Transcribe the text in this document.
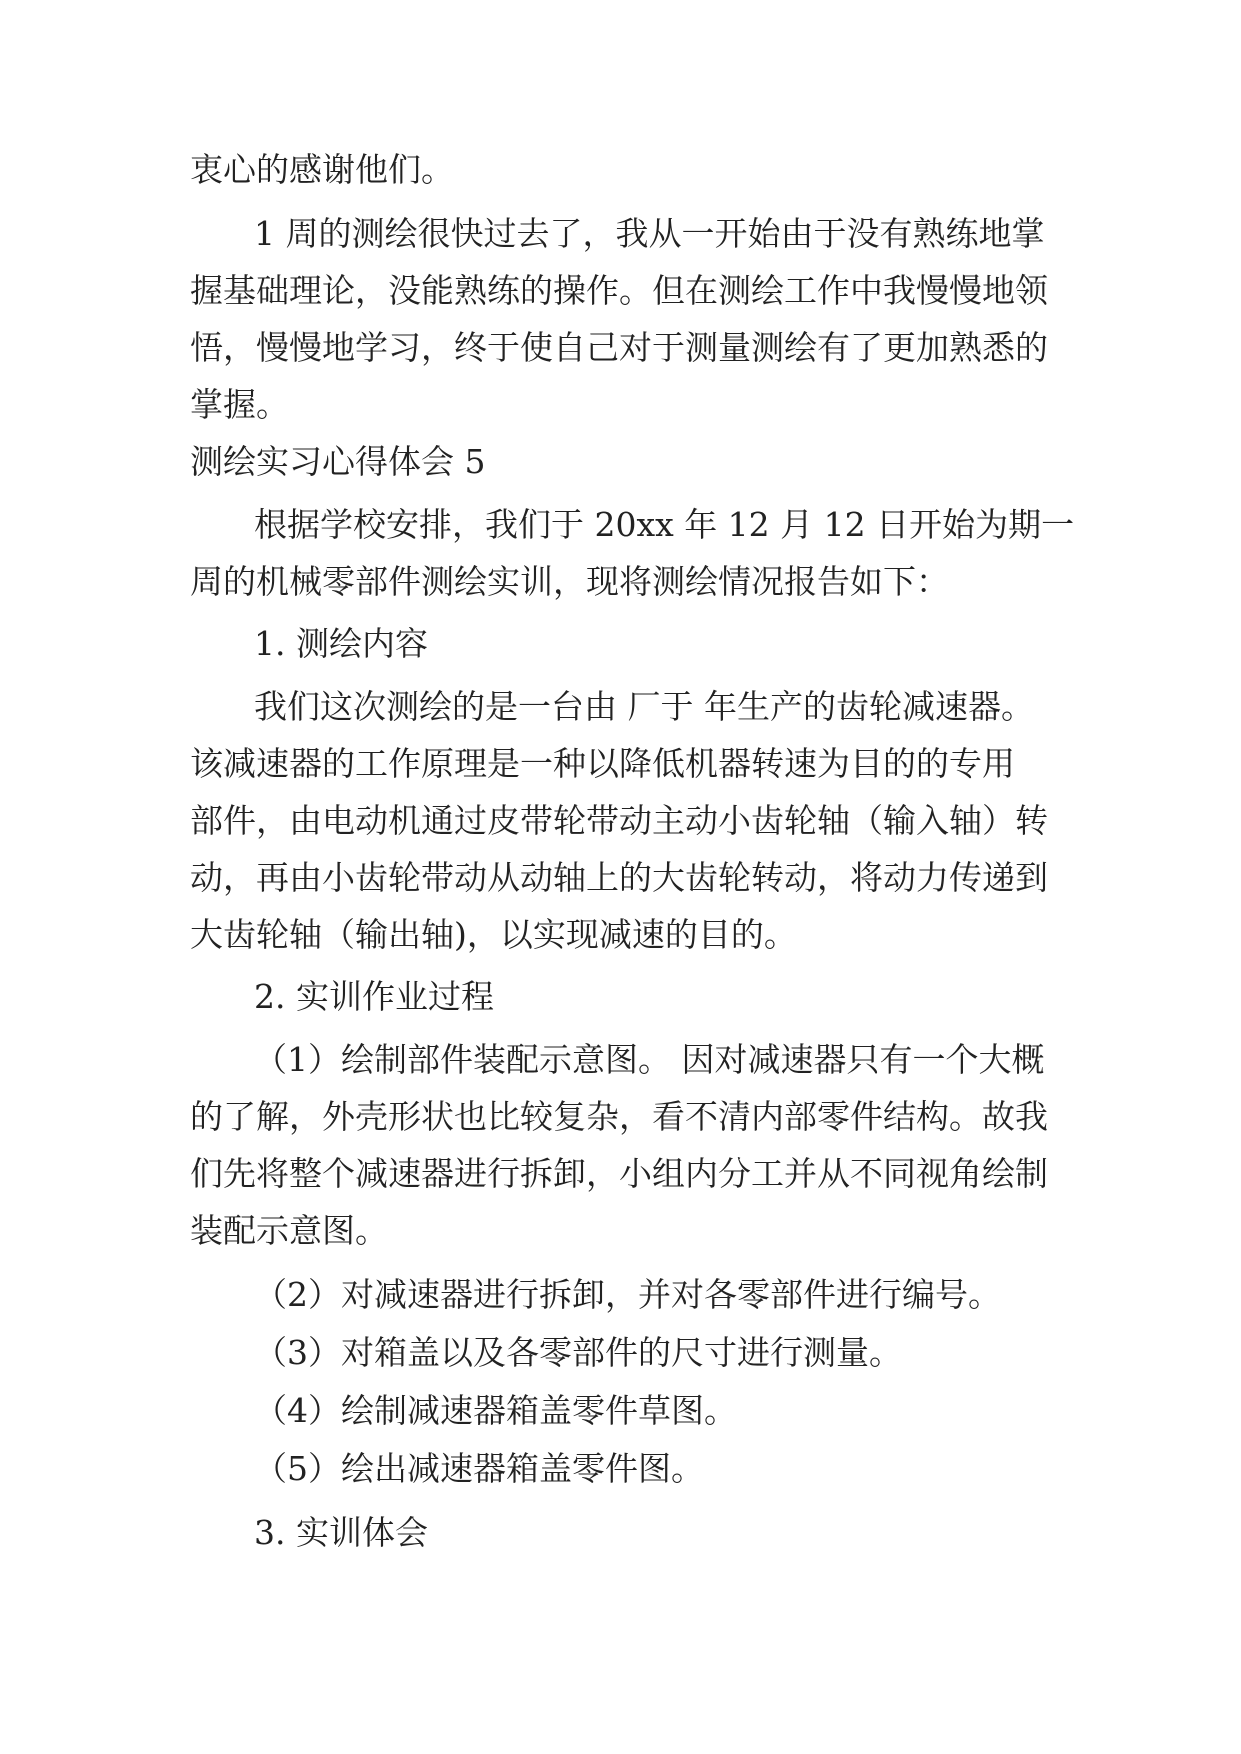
衷心的感谢他们。
1 周的测绘很快过去了，我从一开始由于没有熟练地掌
握基础理论，没能熟练的操作。但在测绘工作中我慢慢地领
悟，慢慢地学习，终于使自己对于测量测绘有了更加熟悉的
掌握。
测绘实习心得体会 5
根据学校安排，我们于 20xx 年 12 月 12 日开始为期一
周的机械零部件测绘实训，现将测绘情况报告如下：
1. 测绘内容
我们这次测绘的是一台由 厂于 年生产的齿轮减速器。
该减速器的工作原理是一种以降低机器转速为目的的专用
部件，由电动机通过皮带轮带动主动小齿轮轴（输入轴）转
动，再由小齿轮带动从动轴上的大齿轮转动，将动力传递到
大齿轮轴（输出轴)，以实现减速的目的。
2. 实训作业过程
（1）绘制部件装配示意图。 因对减速器只有一个大概
的了解，外壳形状也比较复杂，看不清内部零件结构。故我
们先将整个减速器进行拆卸，小组内分工并从不同视角绘制
装配示意图。
（2）对减速器进行拆卸，并对各零部件进行编号。
（3）对箱盖以及各零部件的尺寸进行测量。
（4）绘制减速器箱盖零件草图。
（5）绘出减速器箱盖零件图。
3. 实训体会
